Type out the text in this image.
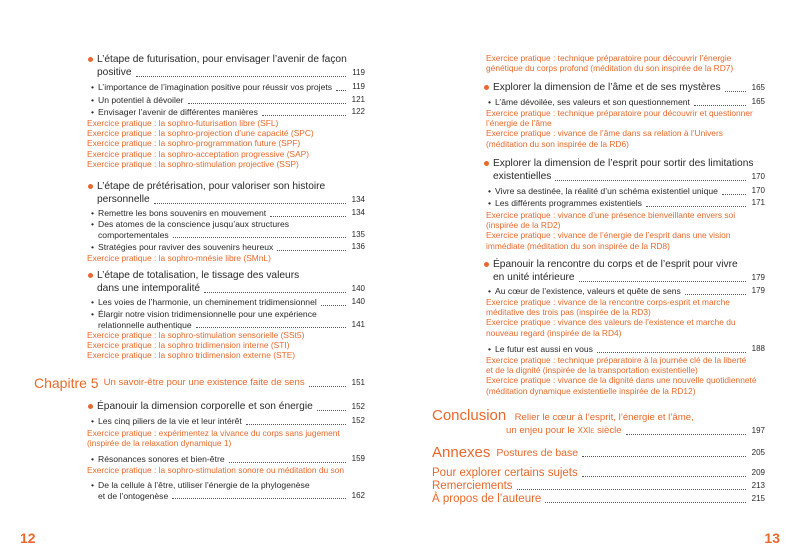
L’étape de futurisation, pour envisager l’avenir de façon
positive	119
• L’importance de l’imagination positive pour réussir vos projets	119
• Un potentiel à dévoiler	121
• Envisager l’avenir de différentes manières	122
Exercice pratique : la sophro-futurisation libre (SFL)
Exercice pratique : la sophro-projection d’une capacité (SPC)
Exercice pratique : la sophro-programmation future (SPF)
Exercice pratique : la sophro-acceptation progressive (SAP)
Exercice pratique : la sophro-stimulation projective (SSP)
L’étape de prétérisation, pour valoriser son histoire
personnelle	134
• Remettre les bons souvenirs en mouvement	134
• Des atomes de la conscience jusqu’aux structures
comportementales	135
• Stratégies pour raviver des souvenirs heureux	136
Exercice pratique : la sophro-mnésie libre (SMnL)
L’étape de totalisation, le tissage des valeurs
dans une intemporalité	140
• Les voies de l’harmonie, un cheminement tridimensionnel	140
• Élargir notre vision tridimensionnelle pour une expérience
relationnelle authentique	141
Exercice pratique : la sophro-stimulation sensorielle (SSt5)
Exercice pratique : la sophro tridimension interne (STI)
Exercice pratique : la sophro tridimension externe (STE)
Chapitre 5 Un savoir-être pour une existence faite de sens	151
Épanouir la dimension corporelle et son énergie	152
• Les cinq piliers de la vie et leur intérêt	152
Exercice pratique : expérimentez la vivance du corps sans jugement
(inspirée de la relaxation dynamique 1)
• Résonances sonores et bien-être	159
Exercice pratique : la sophro-stimulation sonore ou méditation du son
• De la cellule à l’être, utiliser l’énergie de la phylogenèse
et de l’ontogenèse	162
12
Exercice pratique : technique préparatoire pour découvrir l’énergie
génétique du corps profond (méditation du son inspirée de la RD7)
Explorer la dimension de l’âme et de ses mystères	165
• L’âme dévoilée, ses valeurs et son questionnement	165
Exercice pratique : technique préparatoire pour découvrir et questionner
l’énergie de l’âme
Exercice pratique : vivance de l’âme dans sa relation à l’Univers
(méditation du son inspirée de la RD6)
Explorer la dimension de l’esprit pour sortir des limitations
existentielles	170
• Vivre sa destinée, la réalité d’un schéma existentiel unique	170
• Les différents programmes existentiels	171
Exercice pratique : vivance d’une présence bienveillante envers soi
(inspirée de la RD2)
Exercice pratique : vivance de l’énergie de l’esprit dans une vision
immédiate (méditation du son inspirée de la RD8)
Épanouir la rencontre du corps et de l’esprit pour vivre
en unité intérieure	179
• Au cœur de l’existence, valeurs et quête de sens	179
Exercice pratique : vivance de la rencontre corps-esprit et marche
méditative des trois pas (inspirée de la RD3)
Exercice pratique : vivance des valeurs de l’existence et marche du
nouveau regard (inspirée de la RD4)
• Le futur est aussi en vous	188
Exercice pratique : technique préparatoire à la journée clé de la liberté
et de la dignité (inspirée de la transportation existentielle)
Exercice pratique : vivance de la dignité dans une nouvelle quotidienneté
(méditation dynamique existentielle inspirée de la RD12)
Conclusion Relier le cœur à l’esprit, l’énergie et l’âme,
un enjeu pour le XXIe siècle	197
Annexes Postures de base	205
Pour explorer certains sujets	209
Remerciements	213
À propos de l’auteure	215
13
